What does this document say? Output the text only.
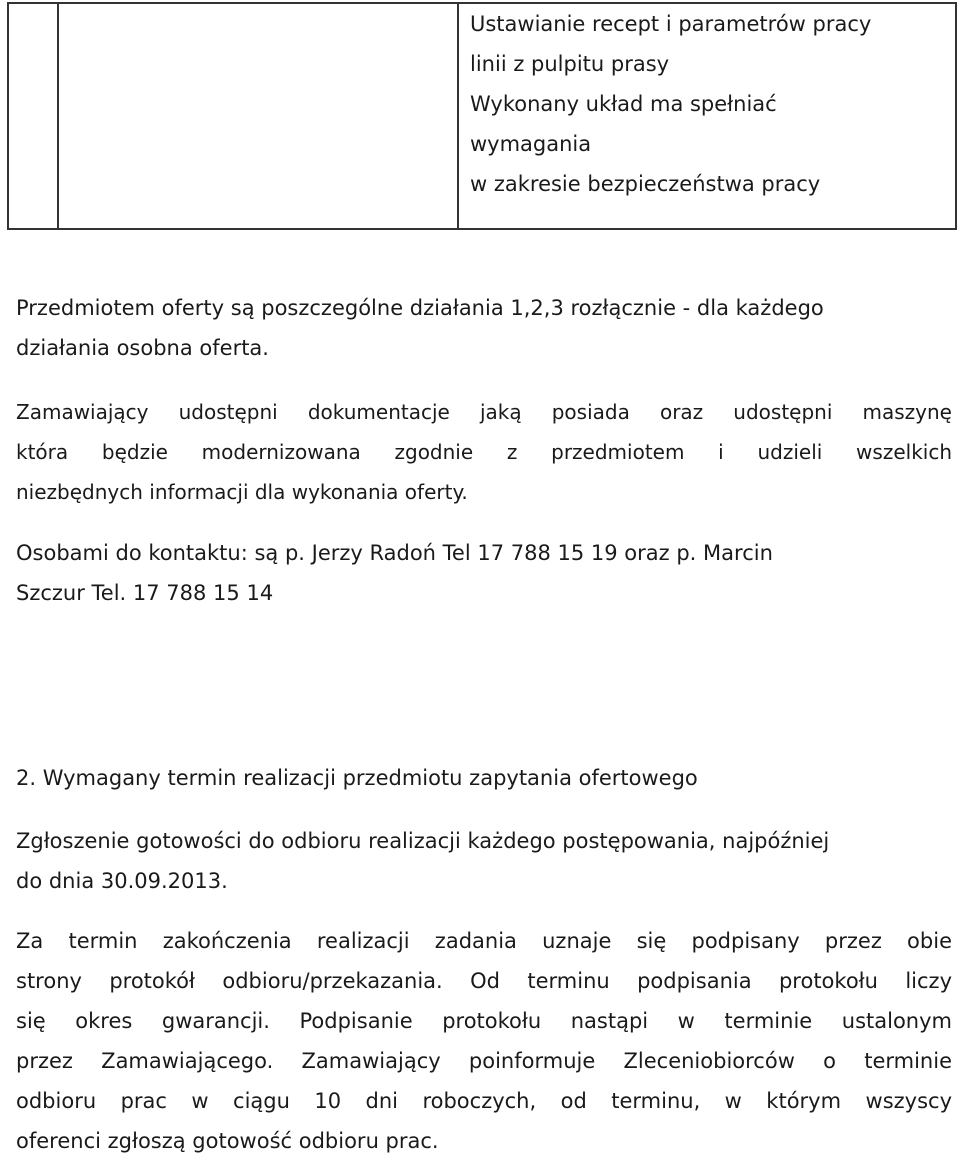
Ustawianie recept i parametrów pracy
linii z pulpitu prasy
Wykonany układ ma spełniać
wymagania
w zakresie bezpieczeństwa pracy
Przedmiotem oferty są poszczególne działania 1,2,3 rozłącznie - dla każdego
działania osobna oferta.
Zamawiający udostępni dokumentacje jaką posiada oraz udostępni maszynę
która będzie modernizowana zgodnie z przedmiotem i udzieli wszelkich
niezbędnych informacji dla wykonania oferty.
Osobami do kontaktu: są p. Jerzy Radoń Tel 17 788 15 19 oraz p. Marcin
Szczur Tel. 17 788 15 14
2. Wymagany termin realizacji przedmiotu zapytania ofertowego
Zgłoszenie gotowości do odbioru realizacji każdego postępowania, najpóźniej
do dnia 30.09.2013.
Za termin zakończenia realizacji zadania uznaje się podpisany przez obie
strony protokół odbioru/przekazania. Od terminu podpisania protokołu liczy
się okres gwarancji. Podpisanie protokołu nastąpi w terminie ustalonym
przez Zamawiającego. Zamawiający poinformuje Zleceniobiorców o terminie
odbioru prac w ciągu 10 dni roboczych, od terminu, w którym wszyscy
oferenci zgłoszą gotowość odbioru prac.
